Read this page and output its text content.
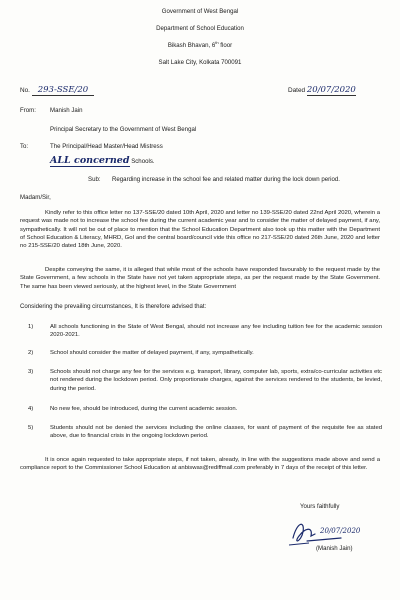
Government of West Bengal
Department of School Education
Bikash Bhavan, 6th floor
Salt Lake City, Kolkata 700091
No. 293-SSE/20	Dated 20/07/2020
From: Manish Jain
Principal Secretary to the Government of West Bengal
To:	The Principal/Head Master/Head Mistress
ALL concerned Schools.
Sub: Regarding increase in the school fee and related matter during the lock down period.
Madam/Sir,
Kindly refer to this office letter no 137-SSE/20 dated 10th April, 2020 and letter no 139-SSE/20 dated 22nd April 2020, wherein a request was made not to increase the school fee during the current academic year and to consider the matter of delayed payment, if any, sympathetically. It will not be out of place to mention that the School Education Department also took up this matter with the Department of School Education & Literacy, MHRD, GoI and the central board/council vide this office no 217-SSE/20 dated 26th June, 2020 and letter no 215-SSE/20 dated 18th June, 2020.
Despite conveying the same, it is alleged that while most of the schools have responded favourably to the request made by the State Government, a few schools in the State have not yet taken appropriate steps, as per the request made by the State Government. The same has been viewed seriously, at the highest level, in the State Government
Considering the prevailing circumstances, It is therefore advised that:
1)	All schools functioning in the State of West Bengal, should not increase any fee including tuition fee for the academic session 2020-2021.
2)	School should consider the matter of delayed payment, if any, sympathetically.
3)	Schools should not charge any fee for the services e.g. transport, library, computer lab, sports, extra/co-curricular activities etc not rendered during the lockdown period. Only proportionate charges, against the services rendered to the students, be levied, during the period.
4)	No new fee, should be introduced, during the current academic session.
5)	Students should not be denied the services including the online classes, for want of payment of the requisite fee as stated above, due to financial crisis in the ongoing lockdown period.
It is once again requested to take appropriate steps, if not taken, already, in line with the suggestions made above and send a compliance report to the Commissioner School Education at anbiswas@rediffmail.com preferably in 7 days of the receipt of this letter.
Yours faithfully
20/07/2020
(Manish Jain)
